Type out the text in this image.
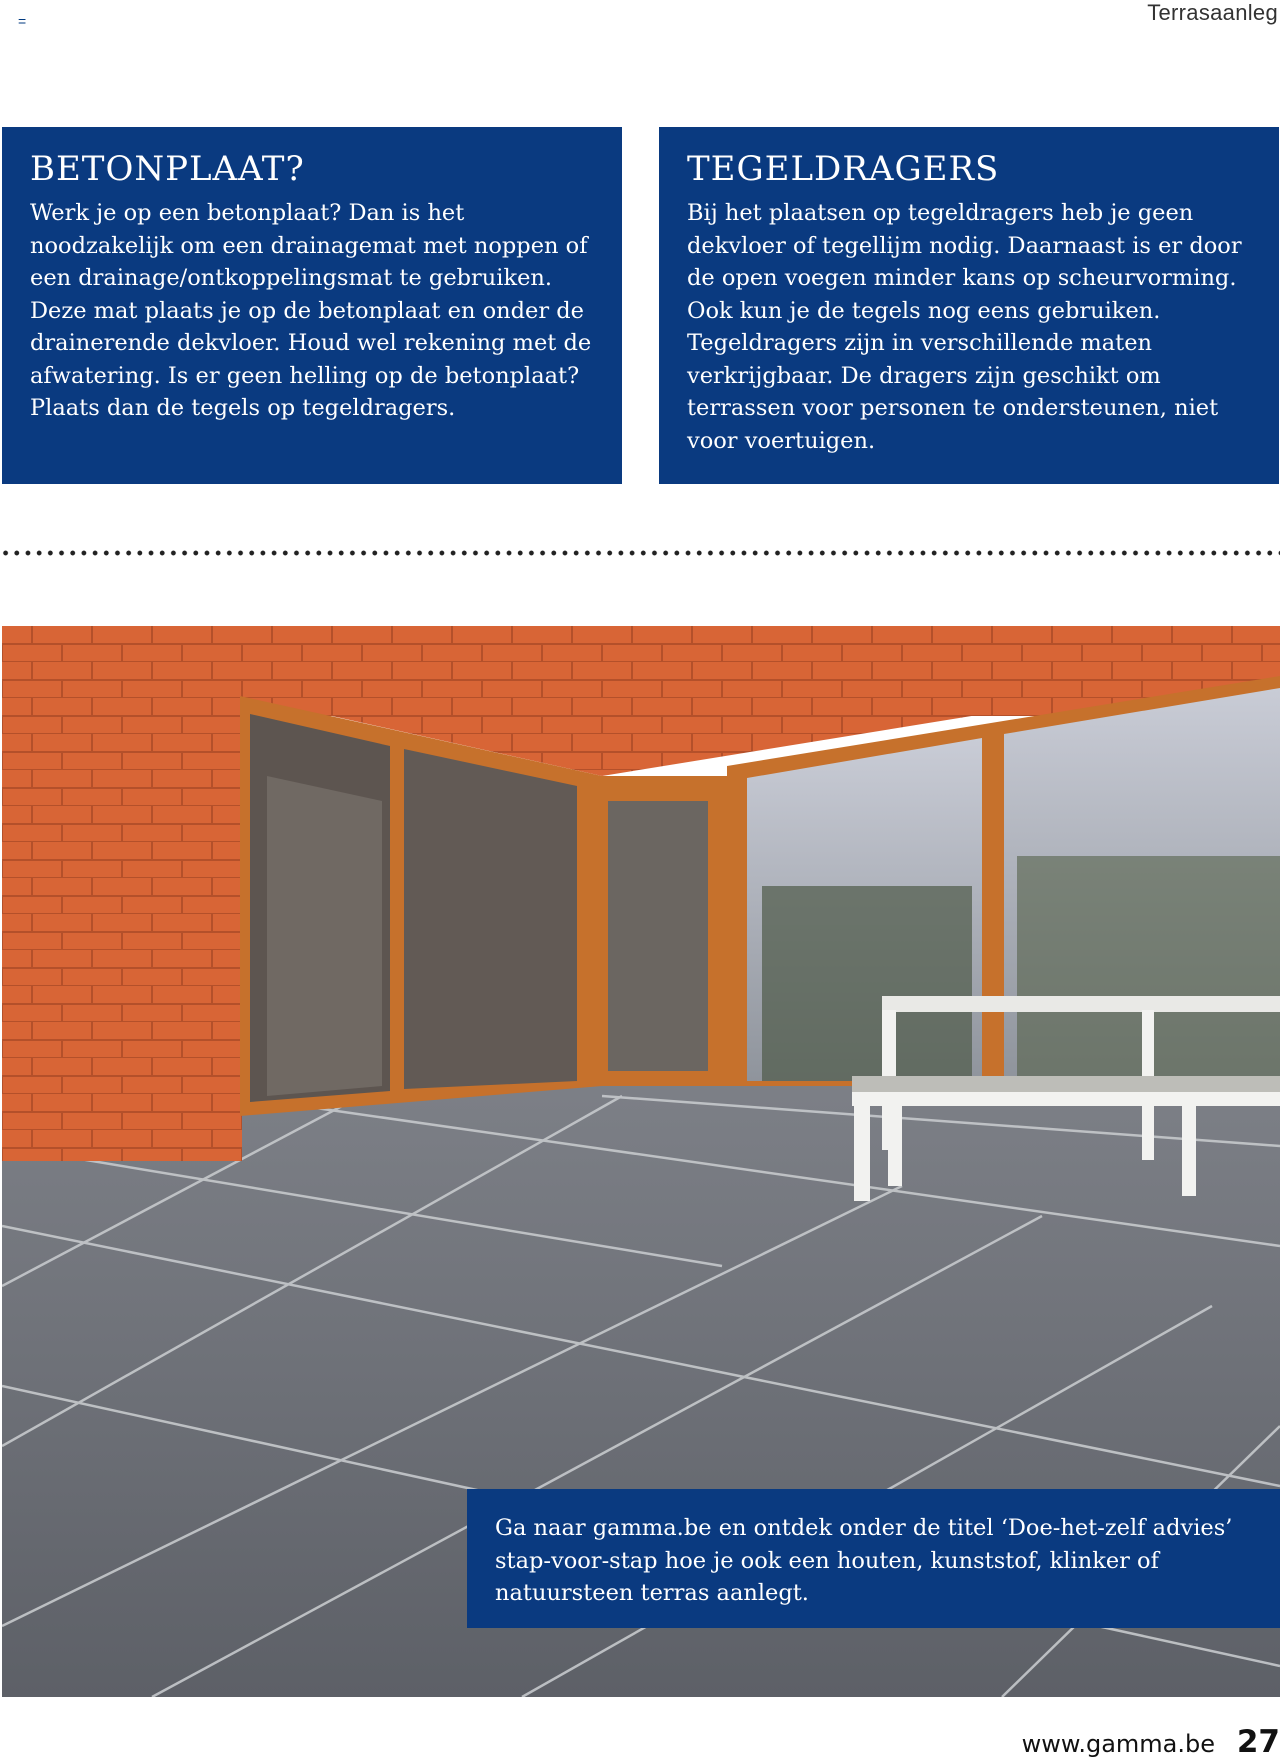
=	Terrasaanleg
BETONPLAAT?

Werk je op een betonplaat? Dan is het noodzakelijk om een drainagemat met noppen of een drainage/ontkoppelingsmat te gebruiken. Deze mat plaats je op de betonplaat en onder de drainerende dekvloer. Houd wel rekening met de afwatering. Is er geen helling op de betonplaat? Plaats dan de tegels op tegeldragers.

TEGELDRAGERS

Bij het plaatsen op tegeldragers heb je geen dekvloer of tegellijm nodig. Daarnaast is er door de open voegen minder kans op scheurvorming. Ook kun je de tegels nog eens gebruiken. Tegeldragers zijn in verschillende maten verkrijgbaar. De dragers zijn geschikt om terrassen voor personen te ondersteunen, niet voor voertuigen.

Ga naar gamma.be en ontdek onder de titel ‘Doe-het-zelf advies’ stap-voor-stap hoe je ook een houten, kunststof, klinker of natuursteen terras aanlegt.

www.gamma.be 27
